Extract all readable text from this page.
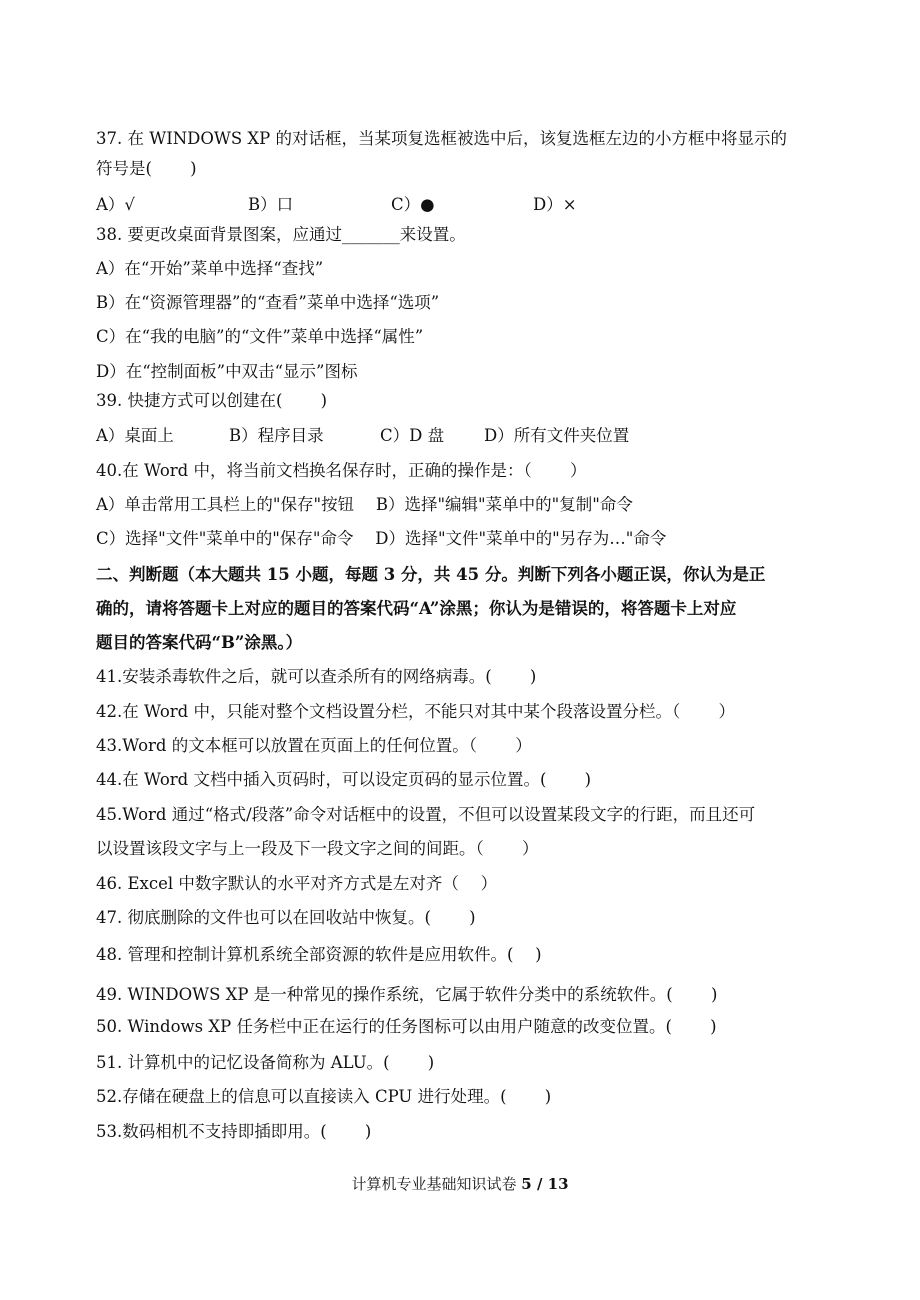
37. 在 WINDOWS XP 的对话框，当某项复选框被选中后，该复选框左边的小方框中将显示的
符号是(　　 )
A）√	B）口	C）●	D）×
38. 要更改桌面背景图案，应通过_______来设置。
A）在“开始”菜单中选择“查找”
B）在“资源管理器”的“查看”菜单中选择“选项”
C）在“我的电脑”的“文件”菜单中选择“属性”
D）在“控制面板”中双击“显示”图标
39. 快捷方式可以创建在(　　 )
A）桌面上	B）程序目录	C）D 盘 D）所有文件夹位置
40.在 Word 中，将当前文档换名保存时，正确的操作是：（　　 ）
A）单击常用工具栏上的"保存"按钮　 B）选择"编辑"菜单中的"复制"命令
C）选择"文件"菜单中的"保存"命令　 D）选择"文件"菜单中的"另存为…"命令
二、判断题（本大题共 15 小题，每题 3 分，共 45 分。判断下列各小题正误，你认为是正
确的，请将答题卡上对应的题目的答案代码“A”涂黑；你认为是错误的，将答题卡上对应
题目的答案代码“B”涂黑。）
41.安装杀毒软件之后，就可以查杀所有的网络病毒。(　　 )
42.在 Word 中，只能对整个文档设置分栏，不能只对其中某个段落设置分栏。（　　 ）
43.Word 的文本框可以放置在页面上的任何位置。（　　 ）
44.在 Word 文档中插入页码时，可以设定页码的显示位置。(　　 )
45.Word 通过“格式/段落”命令对话框中的设置，不但可以设置某段文字的行距，而且还可
以设置该段文字与上一段及下一段文字之间的间距。（　　 ）
46. Excel 中数字默认的水平对齐方式是左对齐（　 ）
47. 彻底删除的文件也可以在回收站中恢复。(　　 )
48. 管理和控制计算机系统全部资源的软件是应用软件。(　 )
49. WINDOWS XP 是一种常见的操作系统，它属于软件分类中的系统软件。(　　 )
50. Windows XP 任务栏中正在运行的任务图标可以由用户随意的改变位置。(　　 )
51. 计算机中的记忆设备简称为 ALU。(　　 )
52.存储在硬盘上的信息可以直接读入 CPU 进行处理。(　　 )
53.数码相机不支持即插即用。(　　 )
计算机专业基础知识试卷 5 / 13
